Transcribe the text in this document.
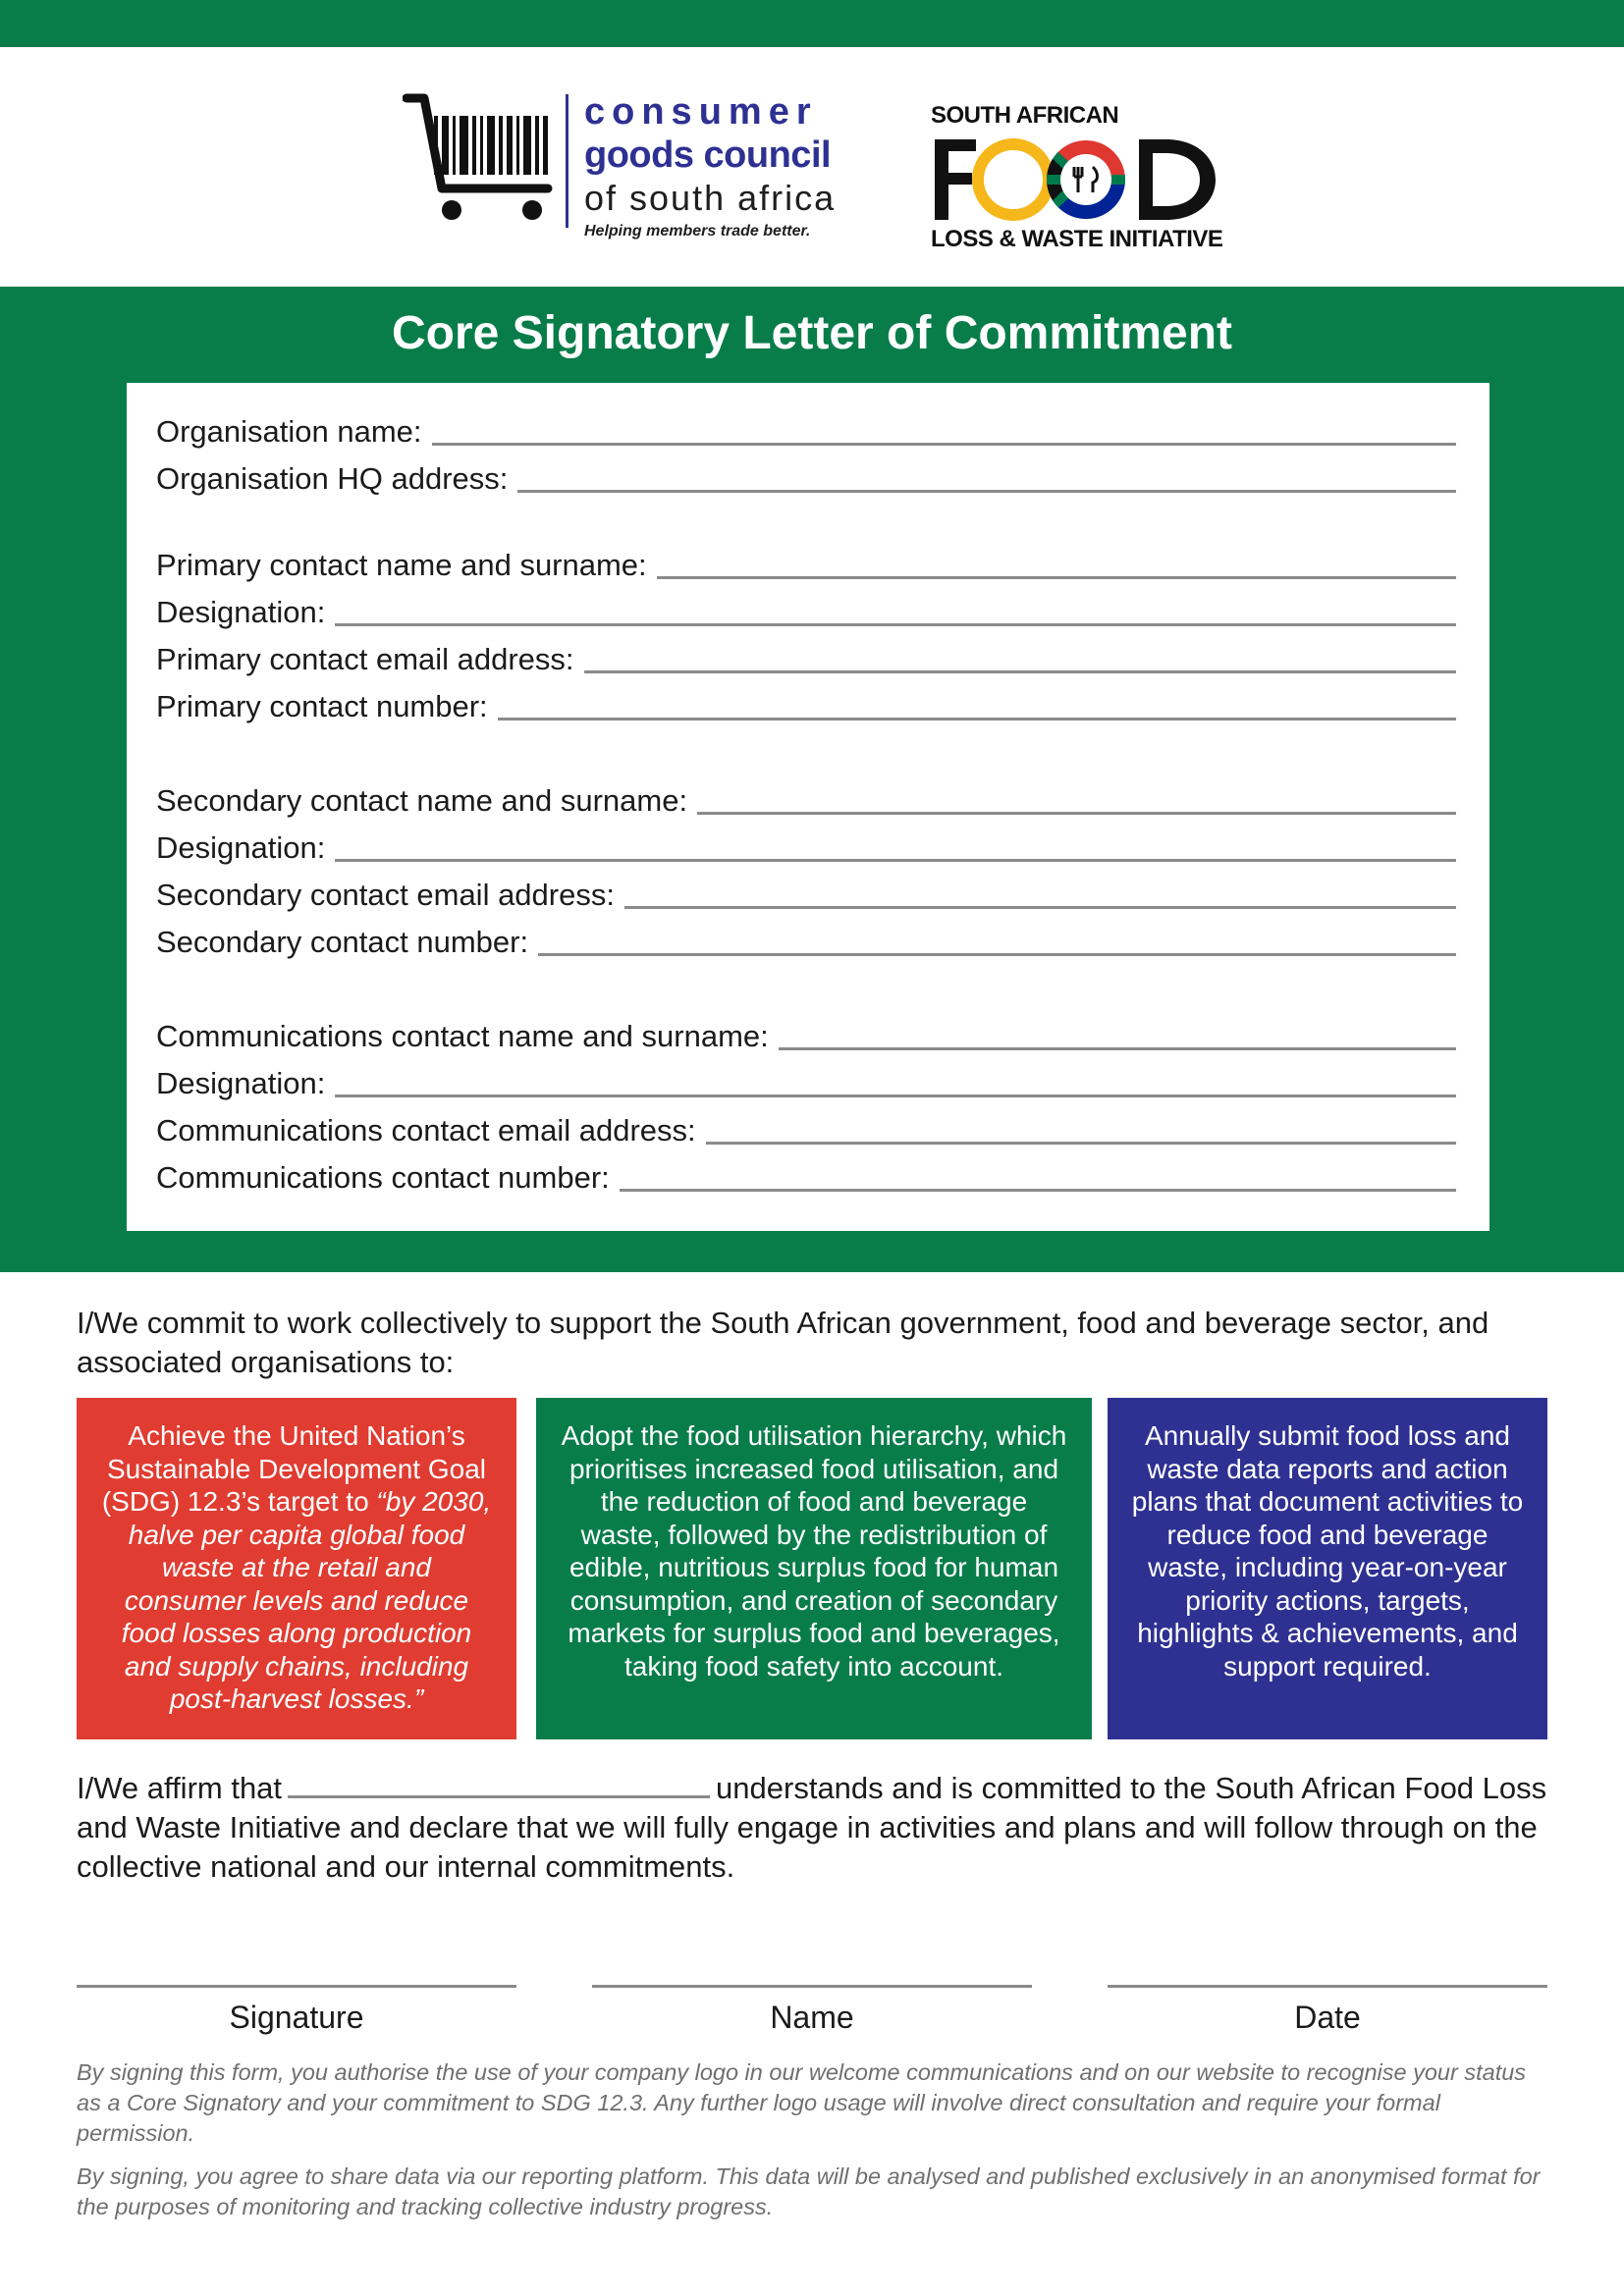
consumer
goods council
of south africa
Helping members trade better.
SOUTH AFRICAN
LOSS & WASTE INITIATIVE
Core Signatory Letter of Commitment
Organisation name:
Organisation HQ address:
Primary contact name and surname:
Designation:
Primary contact email address:
Primary contact number:
Secondary contact name and surname:
Designation:
Secondary contact email address:
Secondary contact number:
Communications contact name and surname:
Designation:
Communications contact email address:
Communications contact number:
I/We commit to work collectively to support the South African government, food and beverage sector, and associated organisations to:
Achieve the United Nation’s Sustainable Development Goal (SDG) 12.3’s target to “by 2030, halve per capita global food waste at the retail and consumer levels and reduce food losses along production and supply chains, including post-harvest losses.”
Adopt the food utilisation hierarchy, which prioritises increased food utilisation, and the reduction of food and beverage waste, followed by the redistribution of edible, nutritious surplus food for human consumption, and creation of secondary markets for surplus food and beverages, taking food safety into account.
Annually submit food loss and waste data reports and action plans that document activities to reduce food and beverage waste, including year-on-year priority actions, targets, highlights & achievements, and support required.
I/We affirm that	understands and is committed to the South African Food Loss and Waste Initiative and declare that we will fully engage in activities and plans and will follow through on the collective national and our internal commitments.
Signature	Name	Date
By signing this form, you authorise the use of your company logo in our welcome communications and on our website to recognise your status as a Core Signatory and your commitment to SDG 12.3. Any further logo usage will involve direct consultation and require your formal permission.
By signing, you agree to share data via our reporting platform. This data will be analysed and published exclusively in an anonymised format for the purposes of monitoring and tracking collective industry progress.
